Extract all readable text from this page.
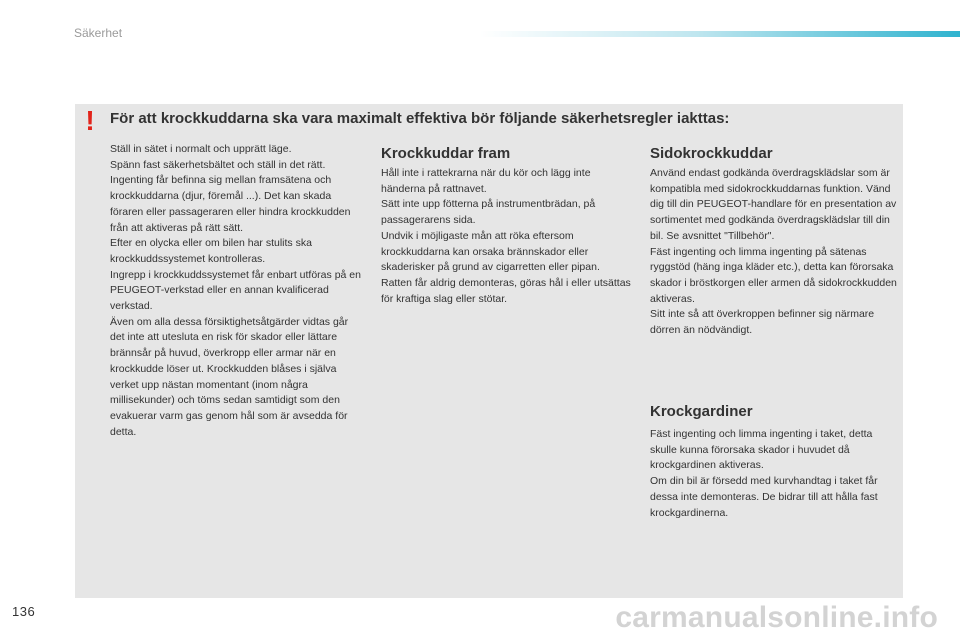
Säkerhet
! För att krockkuddarna ska vara maximalt effektiva bör följande säkerhetsregler iakttas:
Ställ in sätet i normalt och upprätt läge.
Spänn fast säkerhetsbältet och ställ in det rätt.
Ingenting får befinna sig mellan framsätena och krockkuddarna (djur, föremål ...). Det kan skada föraren eller passageraren eller hindra krockkudden från att aktiveras på rätt sätt.
Efter en olycka eller om bilen har stulits ska krockkuddssystemet kontrolleras.
Ingrepp i krockkuddssystemet får enbart utföras på en PEUGEOT-verkstad eller en annan kvalificerad verkstad.
Även om alla dessa försiktighetsåtgärder vidtas går det inte att utesluta en risk för skador eller lättare brännsår på huvud, överkropp eller armar när en krockkudde löser ut. Krockkudden blåses i själva verket upp nästan momentant (inom några millisekunder) och töms sedan samtidigt som den evakuerar varm gas genom hål som är avsedda för detta.
Krockkuddar fram
Håll inte i rattekrarna när du kör och lägg inte händerna på rattnavet.
Sätt inte upp fötterna på instrumentbrädan, på passagerarens sida.
Undvik i möjligaste mån att röka eftersom krockkuddarna kan orsaka brännskador eller skaderisker på grund av cigarretten eller pipan.
Ratten får aldrig demonteras, göras hål i eller utsättas för kraftiga slag eller stötar.
Sidokrockkuddar
Använd endast godkända överdragsklädslar som är kompatibla med sidokrockkuddarnas funktion. Vänd dig till din PEUGEOT-handlare för en presentation av sortimentet med godkända överdragsklädslar till din bil. Se avsnittet "Tillbehör".
Fäst ingenting och limma ingenting på sätenas ryggstöd (häng inga kläder etc.), detta kan förorsaka skador i bröstkorgen eller armen då sidokrockkudden aktiveras.
Sitt inte så att överkroppen befinner sig närmare dörren än nödvändigt.
Krockgardiner
Fäst ingenting och limma ingenting i taket, detta skulle kunna förorsaka skador i huvudet då krockgardinen aktiveras.
Om din bil är försedd med kurvhandtag i taket får dessa inte demonteras. De bidrar till att hålla fast krockgardinerna.
136	carmanualsonline.info
